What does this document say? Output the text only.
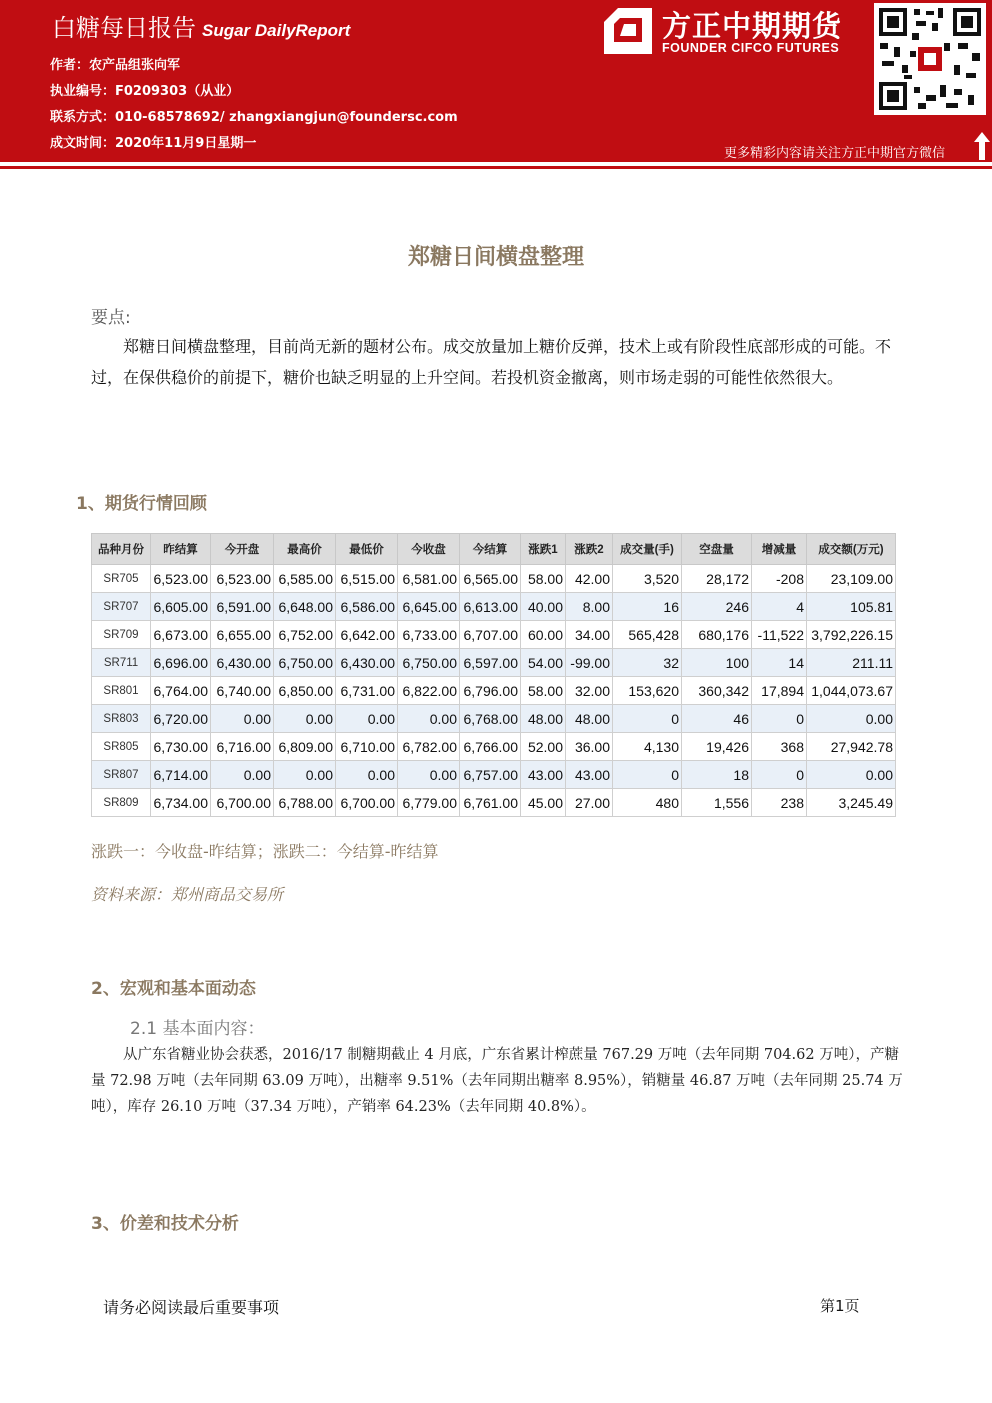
白糖每日报告 Sugar DailyReport
作者：农产品组张向军
执业编号：F0209303（从业）
联系方式：010-68578692/ zhangxiangjun@foundersc.com
成文时间：2020年11月9日星期一
方正中期期货
FOUNDER CIFCO FUTURES
更多精彩内容请关注方正中期官方微信
郑糖日间横盘整理
要点:
郑糖日间横盘整理，目前尚无新的题材公布。成交放量加上糖价反弹，技术上或有阶段性底部形成的可能。不过，在保供稳价的前提下，糖价也缺乏明显的上升空间。若投机资金撤离，则市场走弱的可能性依然很大。
1、期货行情回顾
品种月份	昨结算	今开盘	最高价	最低价	今收盘	今结算	涨跌1	涨跌2	成交量(手)	空盘量	增减量	成交额(万元)
SR705	6,523.00	6,523.00	6,585.00	6,515.00	6,581.00	6,565.00	58.00	42.00	3,520	28,172	-208	23,109.00
SR707	6,605.00	6,591.00	6,648.00	6,586.00	6,645.00	6,613.00	40.00	8.00	16	246	4	105.81
SR709	6,673.00	6,655.00	6,752.00	6,642.00	6,733.00	6,707.00	60.00	34.00	565,428	680,176	-11,522	3,792,226.15
SR711	6,696.00	6,430.00	6,750.00	6,430.00	6,750.00	6,597.00	54.00	-99.00	32	100	14	211.11
SR801	6,764.00	6,740.00	6,850.00	6,731.00	6,822.00	6,796.00	58.00	32.00	153,620	360,342	17,894	1,044,073.67
SR803	6,720.00	0.00	0.00	0.00	0.00	6,768.00	48.00	48.00	0	46	0	0.00
SR805	6,730.00	6,716.00	6,809.00	6,710.00	6,782.00	6,766.00	52.00	36.00	4,130	19,426	368	27,942.78
SR807	6,714.00	0.00	0.00	0.00	0.00	6,757.00	43.00	43.00	0	18	0	0.00
SR809	6,734.00	6,700.00	6,788.00	6,700.00	6,779.00	6,761.00	45.00	27.00	480	1,556	238	3,245.49
涨跌一：今收盘-昨结算；涨跌二：今结算-昨结算
资料来源：郑州商品交易所
2、宏观和基本面动态
2.1 基本面内容：
从广东省糖业协会获悉，2016/17 制糖期截止 4 月底，广东省累计榨蔗量 767.29 万吨（去年同期 704.62 万吨），产糖量 72.98 万吨（去年同期 63.09 万吨），出糖率 9.51%（去年同期出糖率 8.95%），销糖量 46.87 万吨（去年同期 25.74 万吨），库存 26.10 万吨（37.34 万吨），产销率 64.23%（去年同期 40.8%）。
3、价差和技术分析
请务必阅读最后重要事项	第1页
